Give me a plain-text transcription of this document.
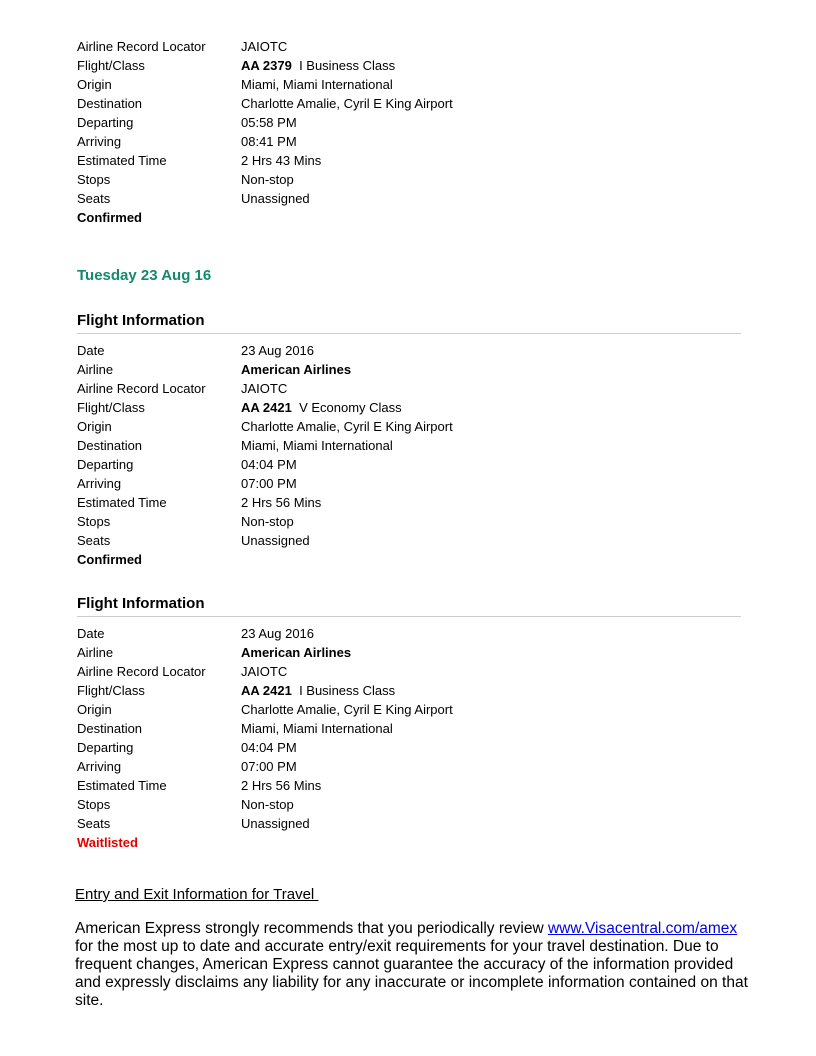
Airline Record Locator	JAIOTC
Flight/Class	AA 2379 I Business Class
Origin	Miami, Miami International
Destination	Charlotte Amalie, Cyril E King Airport
Departing	05:58 PM
Arriving	08:41 PM
Estimated Time	2 Hrs 43 Mins
Stops	Non-stop
Seats	Unassigned
Confirmed
Tuesday 23 Aug 16
Flight Information
Date	23 Aug 2016
Airline	American Airlines
Airline Record Locator	JAIOTC
Flight/Class	AA 2421 V Economy Class
Origin	Charlotte Amalie, Cyril E King Airport
Destination	Miami, Miami International
Departing	04:04 PM
Arriving	07:00 PM
Estimated Time	2 Hrs 56 Mins
Stops	Non-stop
Seats	Unassigned
Confirmed
Flight Information
Date	23 Aug 2016
Airline	American Airlines
Airline Record Locator	JAIOTC
Flight/Class	AA 2421 I Business Class
Origin	Charlotte Amalie, Cyril E King Airport
Destination	Miami, Miami International
Departing	04:04 PM
Arriving	07:00 PM
Estimated Time	2 Hrs 56 Mins
Stops	Non-stop
Seats	Unassigned
Waitlisted
Entry and Exit Information for Travel

American Express strongly recommends that you periodically review www.Visacentral.com/amex for the most up to date and accurate entry/exit requirements for your travel destination. Due to frequent changes, American Express cannot guarantee the accuracy of the information provided and expressly disclaims any liability for any inaccurate or incomplete information contained on that site.
